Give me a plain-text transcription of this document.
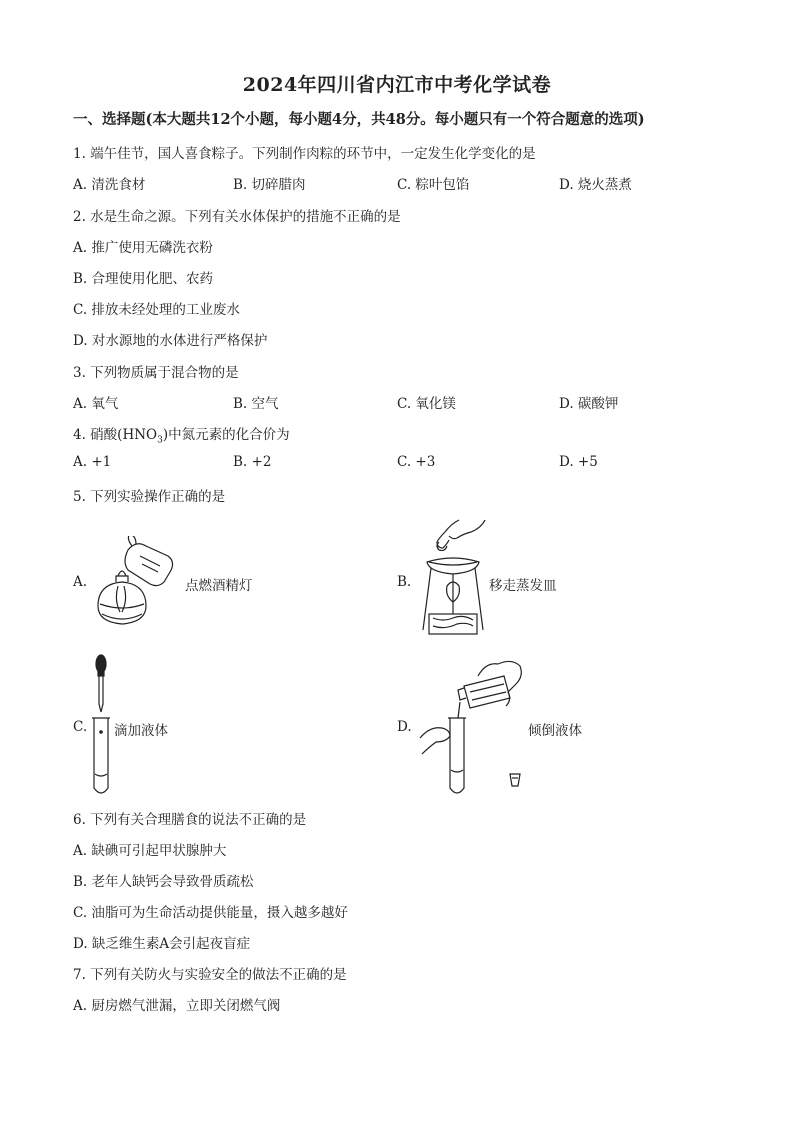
2024年四川省内江市中考化学试卷
一、选择题(本大题共12个小题，每小题4分，共48分。每小题只有一个符合题意的选项)
1. 端午佳节，国人喜食粽子。下列制作肉粽的环节中，一定发生化学变化的是
A. 清洗食材	B. 切碎腊肉	C. 粽叶包馅	D. 烧火蒸煮
2. 水是生命之源。下列有关水体保护的措施不正确的是
A. 推广使用无磷洗衣粉
B. 合理使用化肥、农药
C. 排放未经处理的工业废水
D. 对水源地的水体进行严格保护
3. 下列物质属于混合物的是
A. 氧气	B. 空气	C. 氧化镁	D. 碳酸钾
4. 硝酸$(HNO_3)$中氮元素的化合价为
A. +1	B. +2	C. +3	D. +5
5. 下列实验操作正确的是
A.	点燃酒精灯	B.	移走蒸发皿
C. 滴加液体	D.	倾倒液体
6. 下列有关合理膳食的说法不正确的是
A. 缺碘可引起甲状腺肿大
B. 老年人缺钙会导致骨质疏松
C. 油脂可为生命活动提供能量，摄入越多越好
D. 缺乏维生素A会引起夜盲症
7. 下列有关防火与实验安全的做法不正确的是
A. 厨房燃气泄漏，立即关闭燃气阀
